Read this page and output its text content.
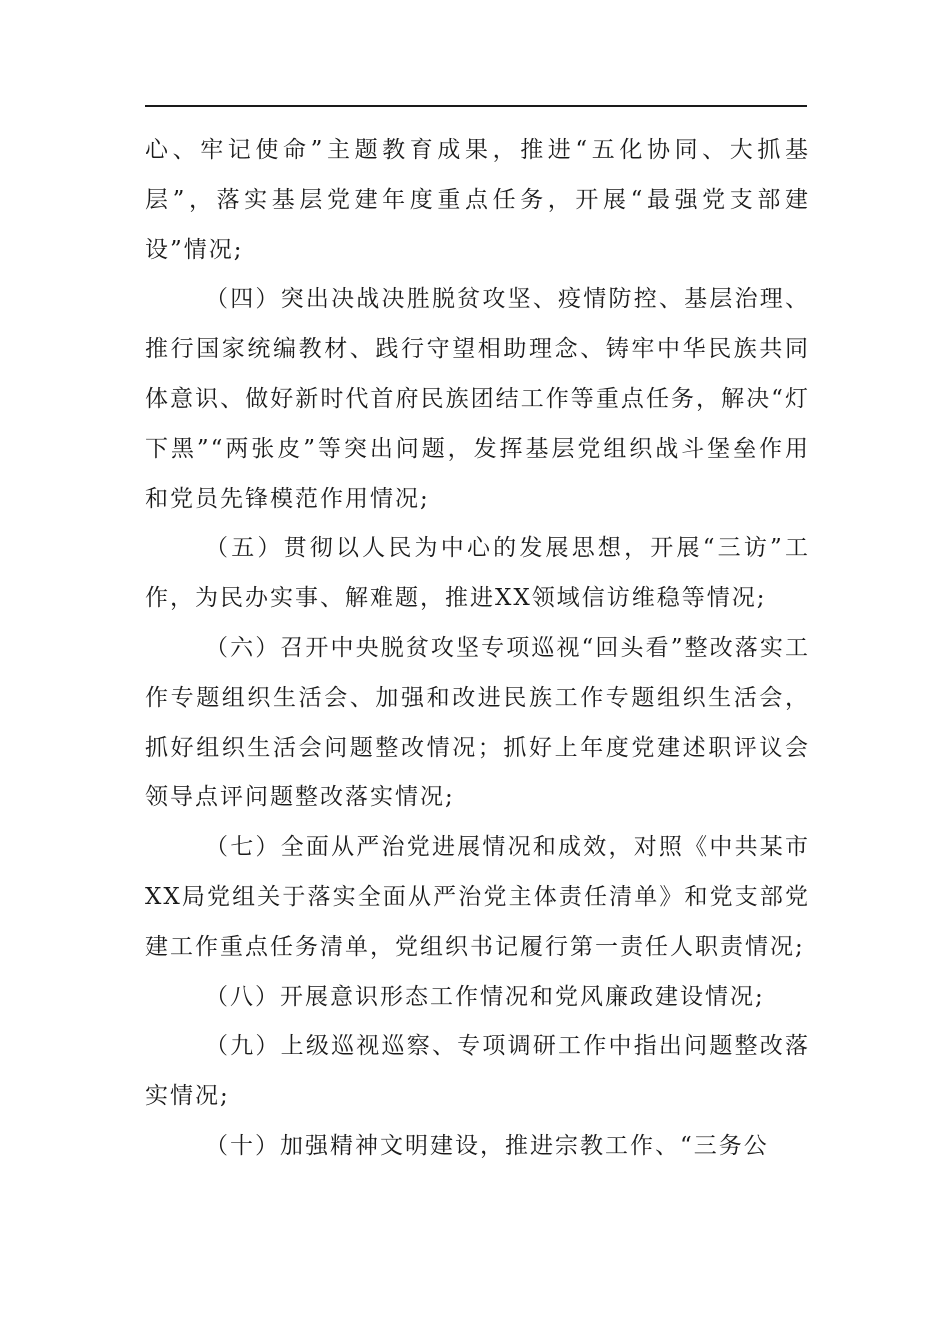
心、牢记使命”主题教育成果，推进“五化协同、大抓基层”，落实基层党建年度重点任务，开展“最强党支部建设”情况;

（四）突出决战决胜脱贫攻坚、疫情防控、基层治理、推行国家统编教材、践行守望相助理念、铸牢中华民族共同体意识、做好新时代首府民族团结工作等重点任务，解决“灯下黑”“两张皮”等突出问题，发挥基层党组织战斗堡垒作用和党员先锋模范作用情况;

（五）贯彻以人民为中心的发展思想，开展“三访”工作，为民办实事、解难题，推进XX领域信访维稳等情况;

（六）召开中央脱贫攻坚专项巡视“回头看”整改落实工作专题组织生活会、加强和改进民族工作专题组织生活会，抓好组织生活会问题整改情况；抓好上年度党建述职评议会领导点评问题整改落实情况;

（七）全面从严治党进展情况和成效，对照《中共某市XX局党组关于落实全面从严治党主体责任清单》和党支部党建工作重点任务清单，党组织书记履行第一责任人职责情况;

（八）开展意识形态工作情况和党风廉政建设情况;

（九）上级巡视巡察、专项调研工作中指出问题整改落实情况;

（十）加强精神文明建设，推进宗教工作、“三务公
